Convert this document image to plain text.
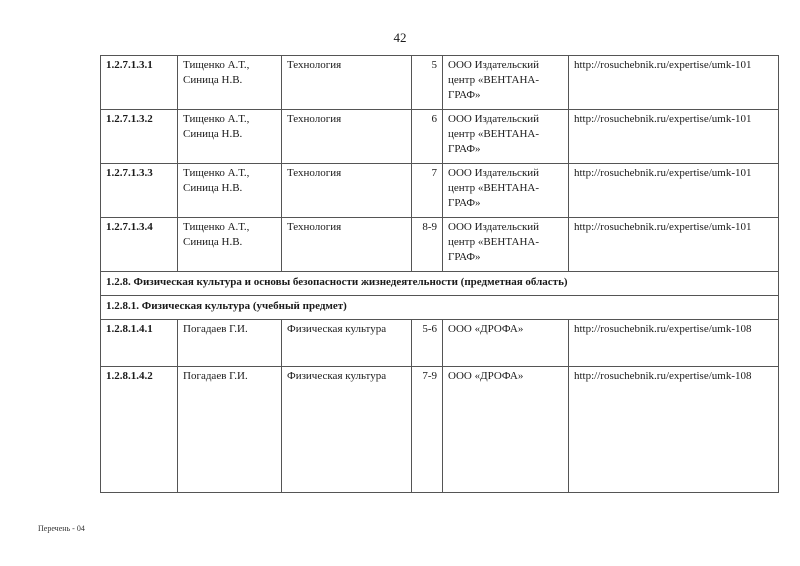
42
1.2.7.1.3.1	Тищенко А.Т.,
Синица Н.В.
	Технология	5	ООО Издательский
центр «ВЕНТАНА-
ГРАФ»
	http://rosuchebnik.ru/expertise/umk-101
1.2.7.1.3.2	Тищенко А.Т.,
Синица Н.В.
	Технология	6	ООО Издательский
центр «ВЕНТАНА-
ГРАФ»
	http://rosuchebnik.ru/expertise/umk-101
1.2.7.1.3.3	Тищенко А.Т.,
Синица Н.В.
	Технология	7	ООО Издательский
центр «ВЕНТАНА-
ГРАФ»
	http://rosuchebnik.ru/expertise/umk-101
1.2.7.1.3.4	Тищенко А.Т.,
Синица Н.В.
	Технология	8-9	ООО Издательский
центр «ВЕНТАНА-
ГРАФ»
	http://rosuchebnik.ru/expertise/umk-101
1.2.8. Физическая культура и основы безопасности жизнедеятельности (предметная область)					
1.2.8.1. Физическая культура (учебный предмет)					
1.2.8.1.4.1	Погадаев Г.И.	Физическая культура	5-6	ООО «ДРОФА»	http://rosuchebnik.ru/expertise/umk-108
1.2.8.1.4.2	Погадаев Г.И.	Физическая культура	7-9	ООО «ДРОФА»	http://rosuchebnik.ru/expertise/umk-108
Перечень - 04
